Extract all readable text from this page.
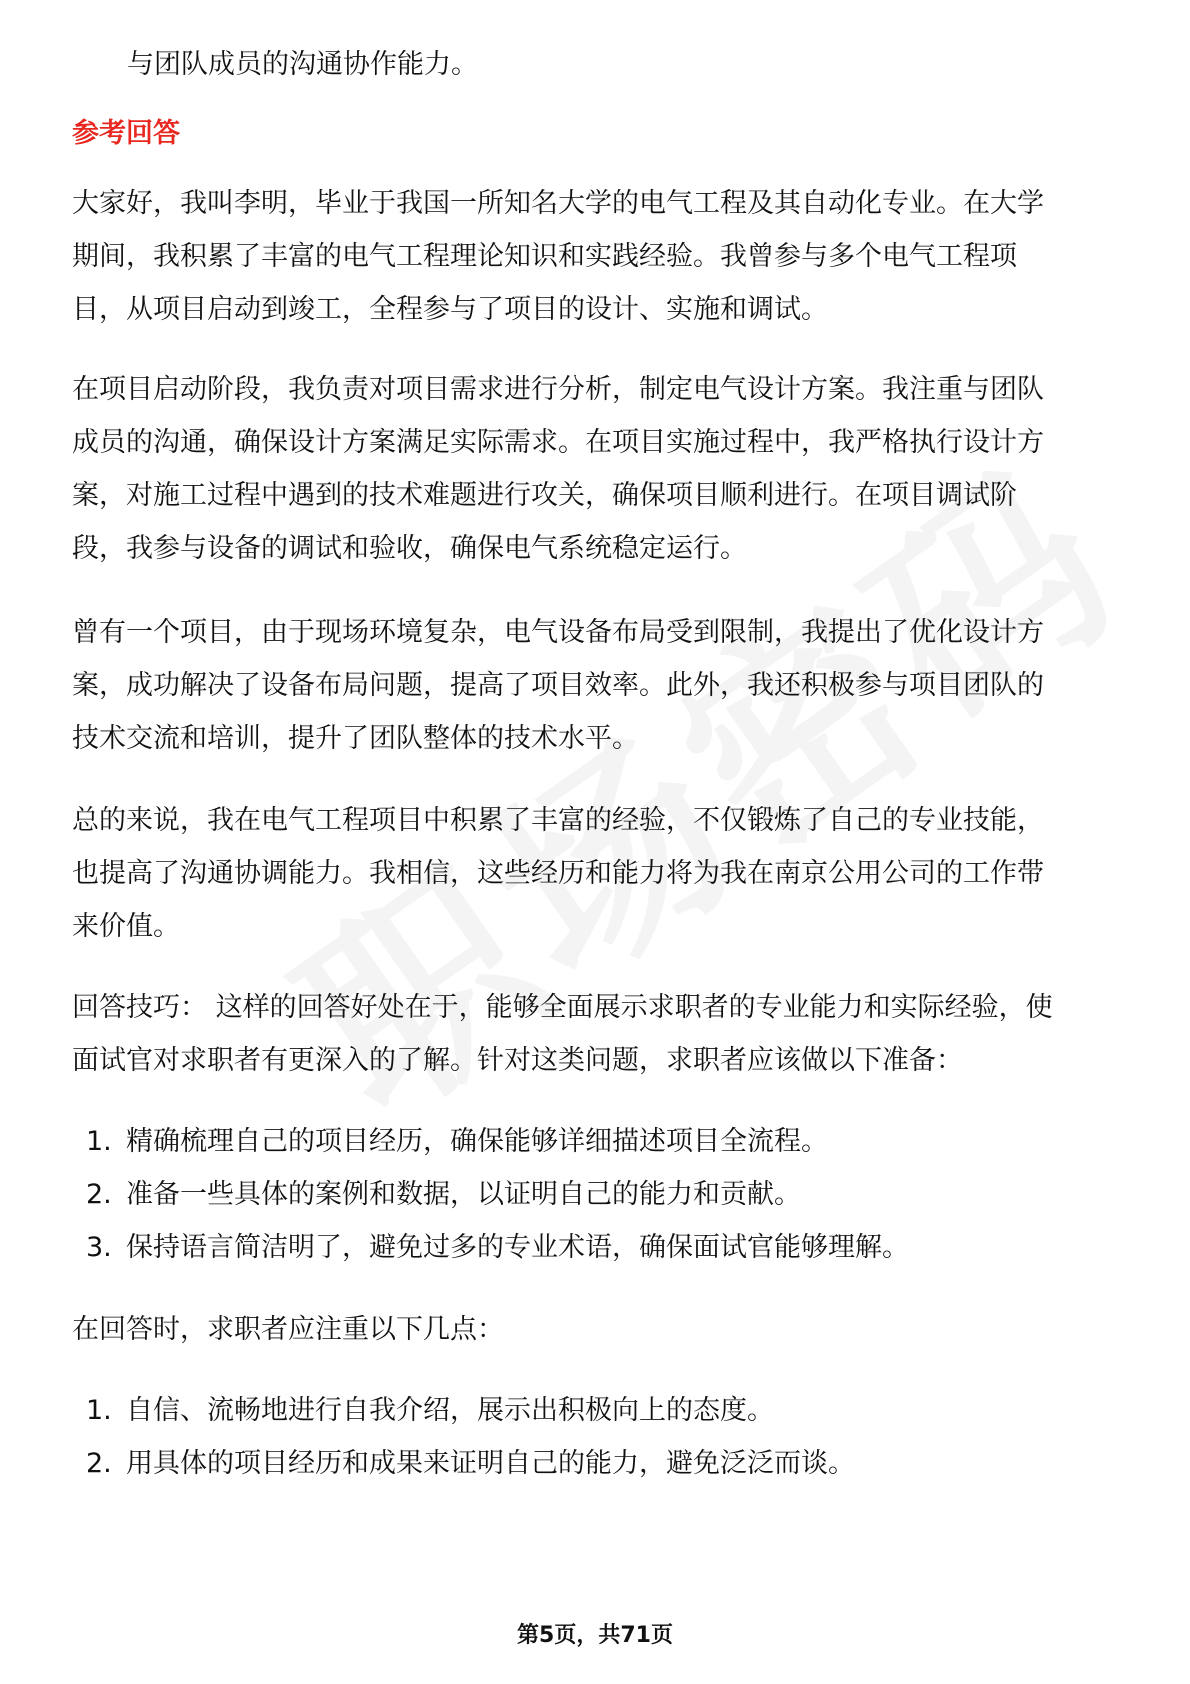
与团队成员的沟通协作能力。
参考回答
大家好，我叫李明，毕业于我国一所知名大学的电气工程及其自动化专业。在大学
期间，我积累了丰富的电气工程理论知识和实践经验。我曾参与多个电气工程项
目，从项目启动到竣工，全程参与了项目的设计、实施和调试。
在项目启动阶段，我负责对项目需求进行分析，制定电气设计方案。我注重与团队
成员的沟通，确保设计方案满足实际需求。在项目实施过程中，我严格执行设计方
案，对施工过程中遇到的技术难题进行攻关，确保项目顺利进行。在项目调试阶
段，我参与设备的调试和验收，确保电气系统稳定运行。
曾有一个项目，由于现场环境复杂，电气设备布局受到限制，我提出了优化设计方
案，成功解决了设备布局问题，提高了项目效率。此外，我还积极参与项目团队的
技术交流和培训，提升了团队整体的技术水平。
总的来说，我在电气工程项目中积累了丰富的经验，不仅锻炼了自己的专业技能，
也提高了沟通协调能力。我相信，这些经历和能力将为我在南京公用公司的工作带
来价值。
回答技巧： 这样的回答好处在于，能够全面展示求职者的专业能力和实际经验，使
面试官对求职者有更深入的了解。针对这类问题，求职者应该做以下准备：
1. 精确梳理自己的项目经历，确保能够详细描述项目全流程。
2. 准备一些具体的案例和数据，以证明自己的能力和贡献。
3. 保持语言简洁明了，避免过多的专业术语，确保面试官能够理解。
在回答时，求职者应注重以下几点：
1. 自信、流畅地进行自我介绍，展示出积极向上的态度。
2. 用具体的项目经历和成果来证明自己的能力，避免泛泛而谈。
第5页，共71页
